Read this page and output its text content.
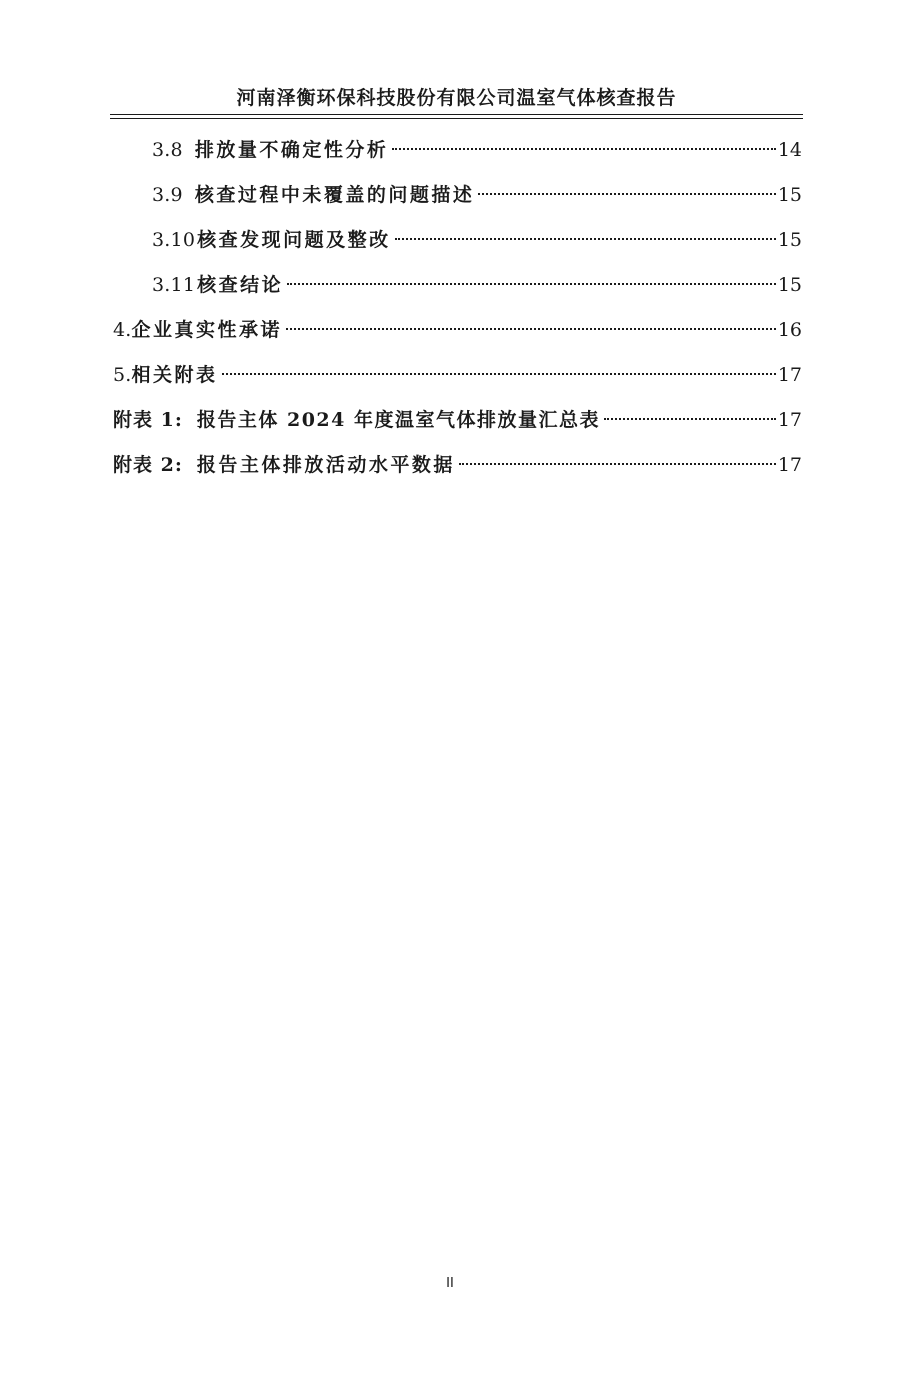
河南泽衡环保科技股份有限公司温室气体核查报告
3.8 排放量不确定性分析	14
3.9 核查过程中未覆盖的问题描述	15
3.10 核查发现问题及整改	15
3.11 核查结论	15
4. 企业真实性承诺	16
5. 相关附表	17
附表 1: 报告主体 2024 年度温室气体排放量汇总表	17
附表 2: 报告主体排放活动水平数据	17
II
